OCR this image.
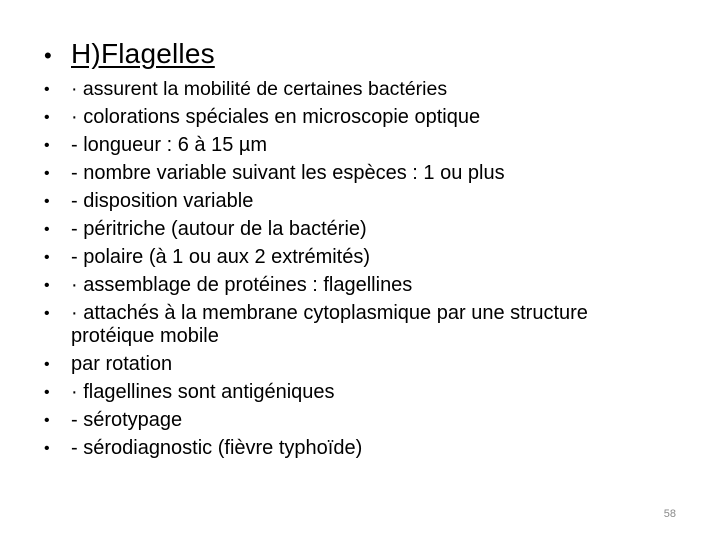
• H)Flagelles
•	· assurent la mobilité de certaines bactéries
•	· colorations spéciales en microscopie optique
•	- longueur : 6 à 15 µm
•	- nombre variable suivant les espèces : 1 ou plus
•	- disposition variable
•	- péritriche (autour de la bactérie)
•	- polaire (à 1 ou aux 2 extrémités)
•	· assemblage de protéines : flagellines
•	· attachés à la membrane cytoplasmique par une structure protéique mobile
•	par rotation
•	· flagellines sont antigéniques
•	- sérotypage
•	- sérodiagnostic (fièvre typhoïde)
58
